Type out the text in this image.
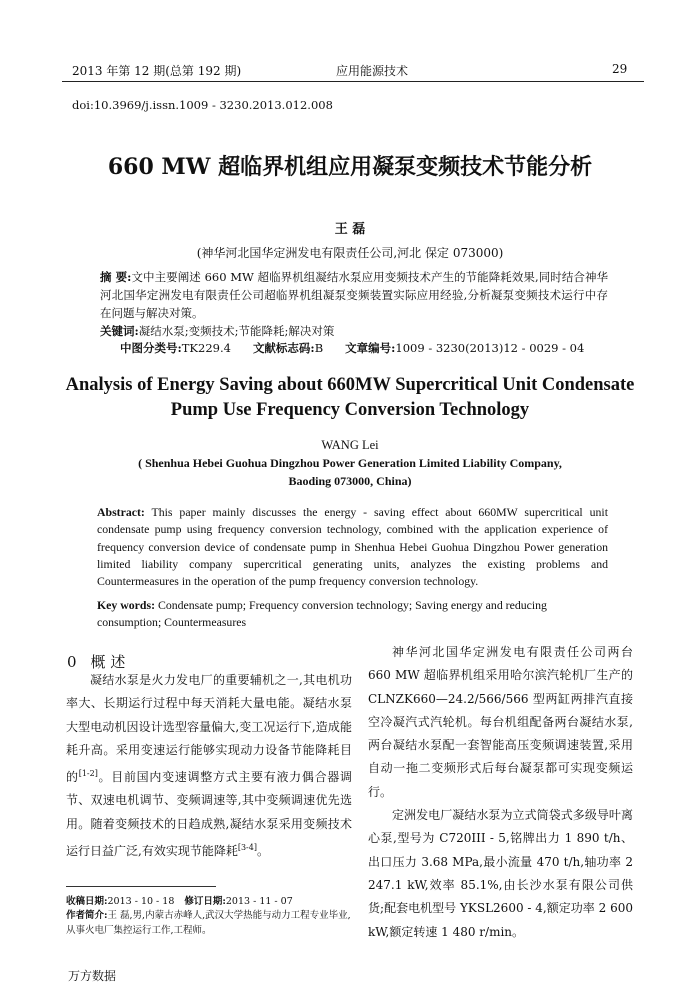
2013 年第 12 期(总第 192 期)	应用能源技术	29
doi:10.3969/j.issn.1009 - 3230.2013.012.008
660 MW 超临界机组应用凝泵变频技术节能分析
王 磊
(神华河北国华定洲发电有限责任公司,河北 保定 073000)
摘 要:文中主要阐述 660 MW 超临界机组凝结水泵应用变频技术产生的节能降耗效果,同时结合神华河北国华定洲发电有限责任公司超临界机组凝泵变频装置实际应用经验,分析凝泵变频技术运行中存在问题与解决对策。
关键词:凝结水泵;变频技术;节能降耗;解决对策
中图分类号:TK229.4 文献标志码:B 文章编号:1009 - 3230(2013)12 - 0029 - 04
Analysis of Energy Saving about 660MW Supercritical Unit Condensate
Pump Use Frequency Conversion Technology
WANG Lei
( Shenhua Hebei Guohua Dingzhou Power Generation Limited Liability Company,
Baoding 073000, China)
Abstract: This paper mainly discusses the energy - saving effect about 660MW supercritical unit condensate pump using frequency conversion technology, combined with the application experience of frequency conversion device of condensate pump in Shenhua Hebei Guohua Dingzhou Power generation limited liability company supercritical generating units, analyzes the existing problems and Countermeasures in the operation of the pump frequency conversion technology.
Key words: Condensate pump; Frequency conversion technology; Saving energy and reducing consumption; Countermeasures
0 概 述

凝结水泵是火力发电厂的重要辅机之一,其电机功率大、长期运行过程中每天消耗大量电能。凝结水泵大型电动机因设计选型容量偏大,变工况运行下,造成能耗升高。采用变速运行能够实现动力设备节能降耗目的[1-2]。目前国内变速调整方式主要有液力偶合器调节、双速电机调节、变频调速等,其中变频调速优先选用。随着变频技术的日趋成熟,凝结水泵采用变频技术运行日益广泛,有效实现节能降耗[3-4]。

神华河北国华定洲发电有限责任公司两台 660 MW 超临界机组采用哈尔滨汽轮机厂生产的 CLNZK660—24.2/566/566 型两缸两排汽直接空冷凝汽式汽轮机。每台机组配备两台凝结水泵,两台凝结水泵配一套智能高压变频调速装置,采用自动一拖二变频形式后每台凝泵都可实现变频运行。

定洲发电厂凝结水泵为立式筒袋式多级导叶离心泵,型号为 C720III - 5,铭牌出力 1 890 t/h、出口压力 3.68 MPa,最小流量 470 t/h,轴功率 2 247.1 kW,效率 85.1%,由长沙水泵有限公司供货;配套电机型号 YKSL2600 - 4,额定功率 2 600 kW,额定转速 1 480 r/min。

收稿日期:2013 - 10 - 18 修订日期:2013 - 11 - 07
作者简介:王 磊,男,内蒙古赤峰人,武汉大学热能与动力工程专业毕业,从事火电厂集控运行工作,工程师。
万方数据
